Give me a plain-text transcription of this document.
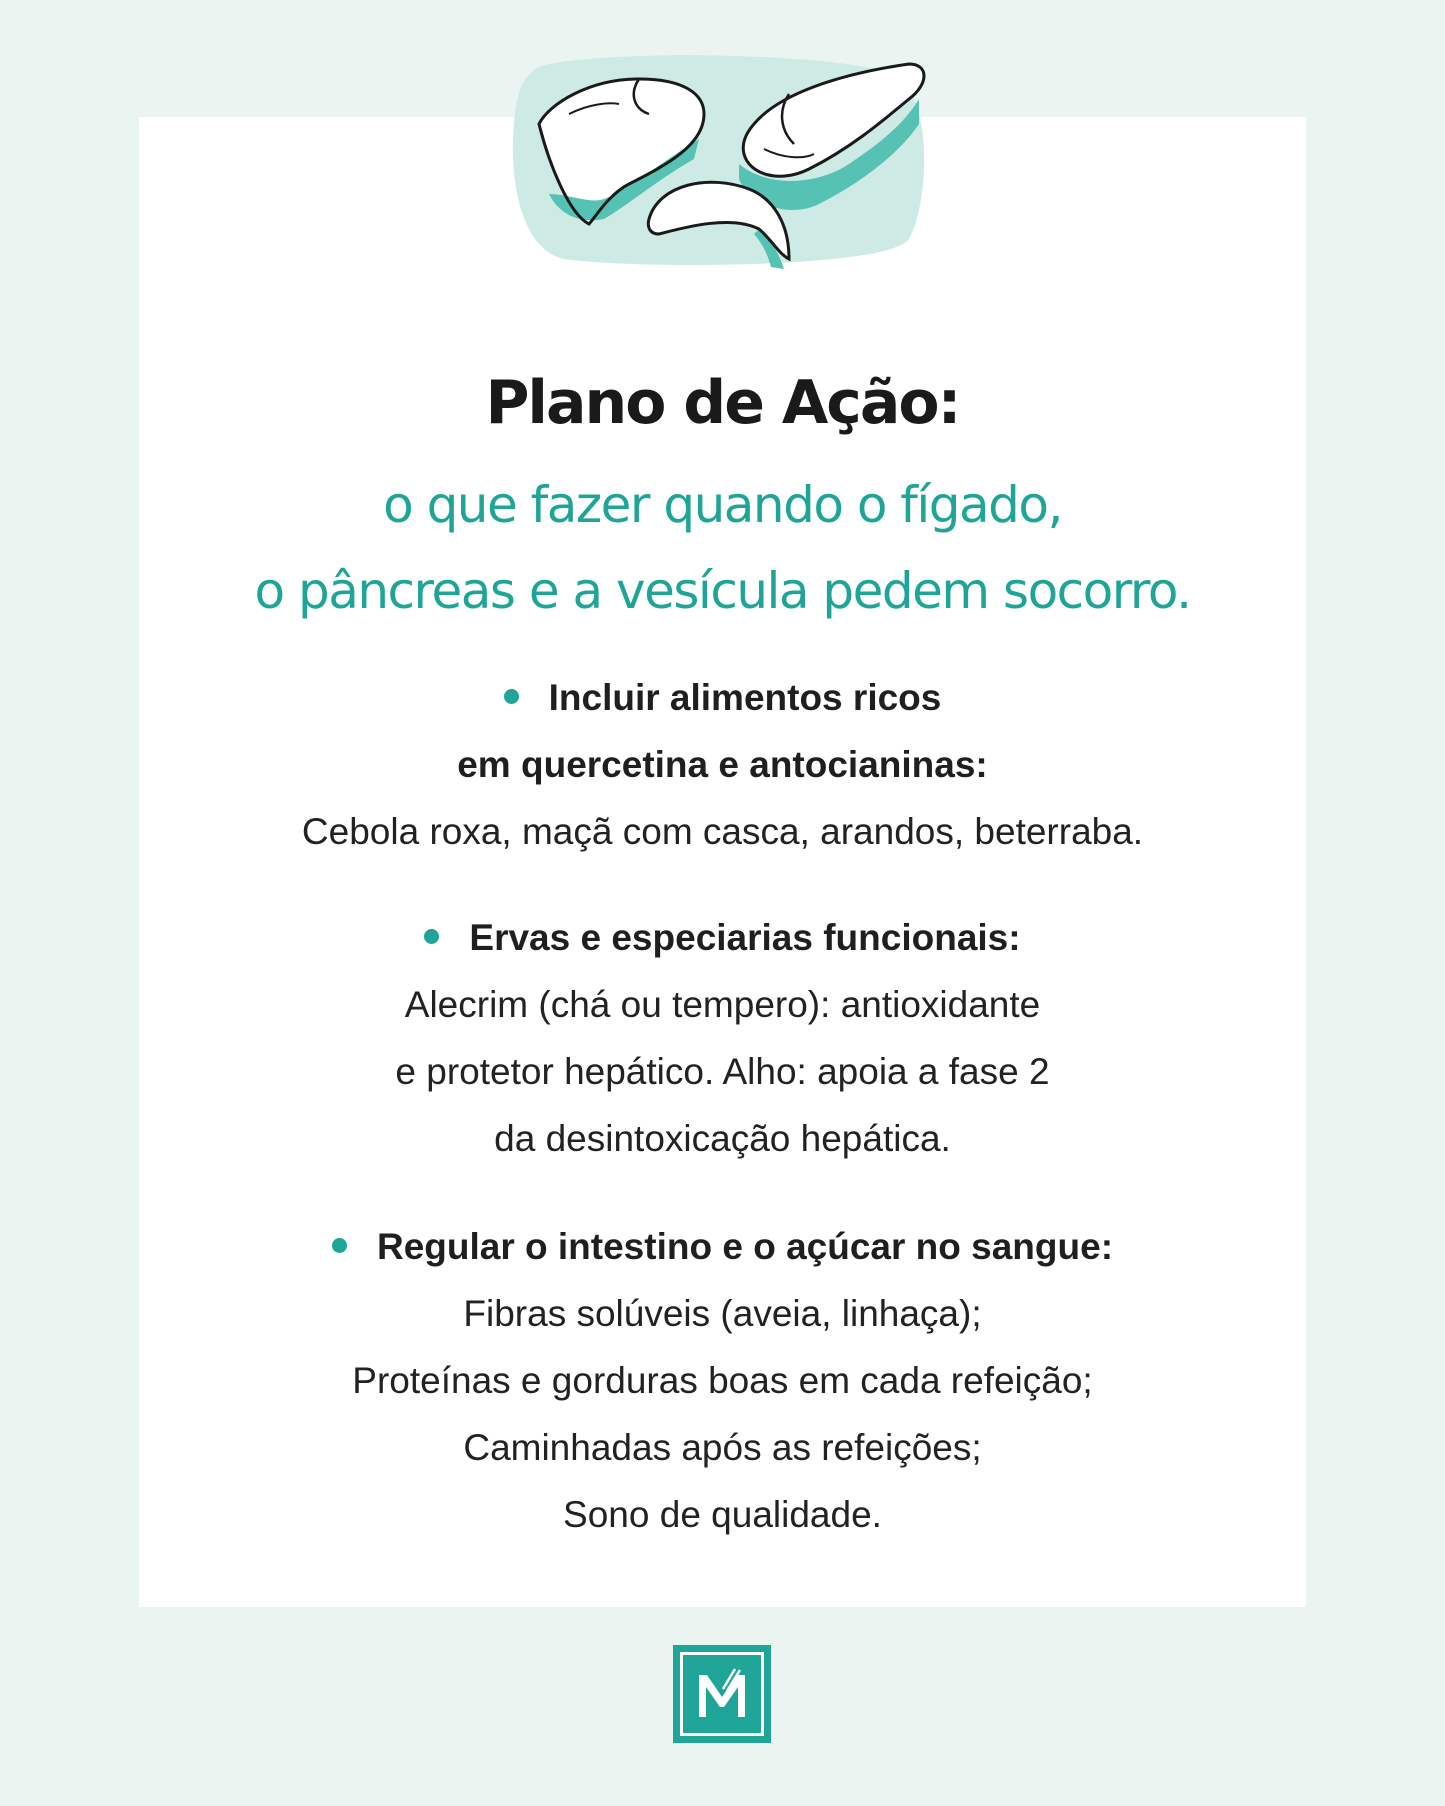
Plano de Ação:
o que fazer quando o fígado,
o pâncreas e a vesícula pedem socorro.
Incluir alimentos ricos
em quercetina e antocianinas:
Cebola roxa, maçã com casca, arandos, beterraba.
Ervas e especiarias funcionais:
Alecrim (chá ou tempero): antioxidante
e protetor hepático. Alho: apoia a fase 2
da desintoxicação hepática.
Regular o intestino e o açúcar no sangue:
Fibras solúveis (aveia, linhaça);
Proteínas e gorduras boas em cada refeição;
Caminhadas após as refeições;
Sono de qualidade.
